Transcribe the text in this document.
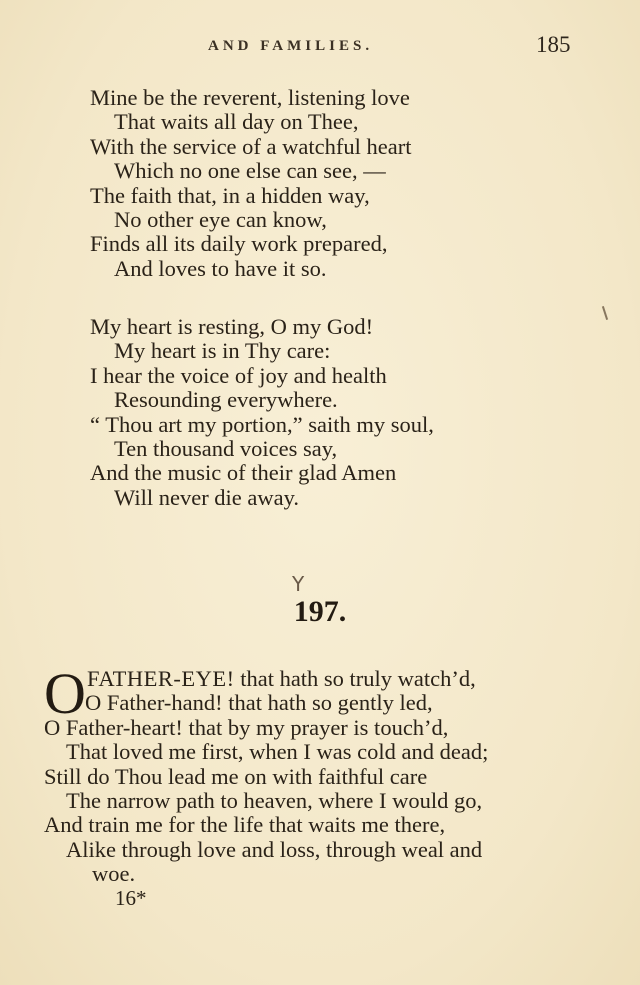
AND FAMILIES.	185
Mine be the reverent, listening love
That waits all day on Thee,
With the service of a watchful heart
Which no one else can see, —
The faith that, in a hidden way,
No other eye can know,
Finds all its daily work prepared,
And loves to have it so.
My heart is resting, O my God!
My heart is in Thy care:
I hear the voice of joy and health
Resounding everywhere.
“ Thou art my portion,” saith my soul,
Ten thousand voices say,
And the music of their glad Amen
Will never die away.
Y
197.
O FATHER-EYE! that hath so truly watch’d,
O Father-hand! that hath so gently led,
O Father-heart! that by my prayer is touch’d,
That loved me first, when I was cold and dead;
Still do Thou lead me on with faithful care
The narrow path to heaven, where I would go,
And train me for the life that waits me there,
Alike through love and loss, through weal and
woe.
16*
